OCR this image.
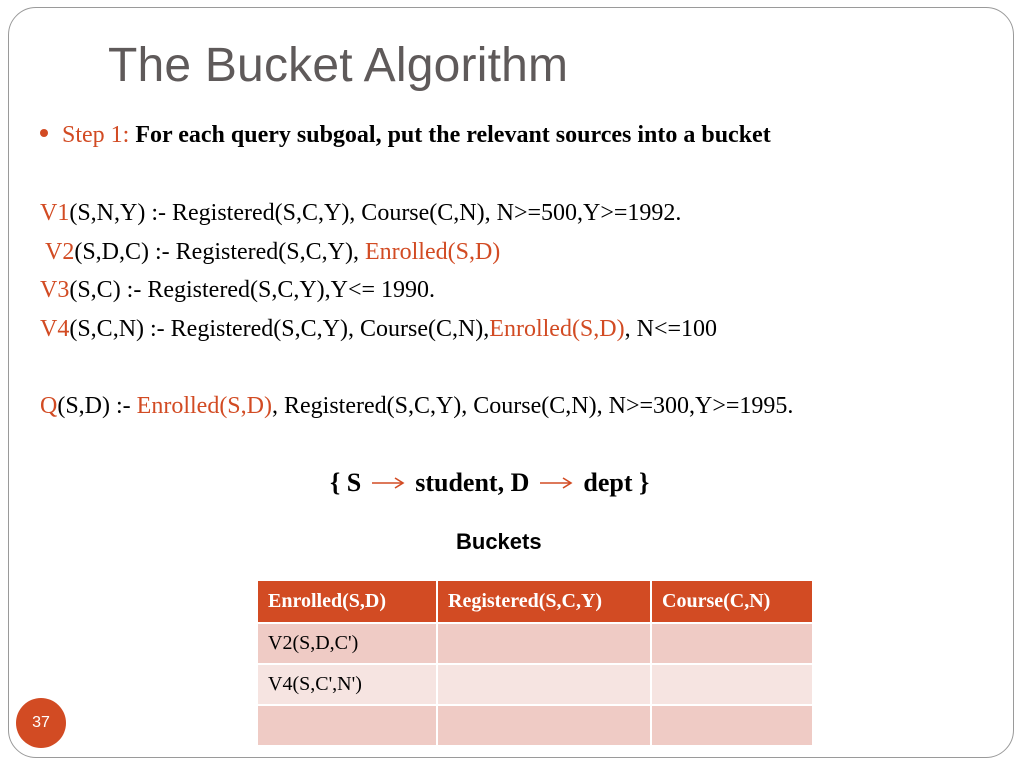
The Bucket Algorithm
Step 1: For each query subgoal, put the relevant sources into a bucket
V1(S,N,Y) :- Registered(S,C,Y), Course(C,N), N>=500,Y>=1992.
V2(S,D,C) :- Registered(S,C,Y), Enrolled(S,D)
V3(S,C) :- Registered(S,C,Y),Y<= 1990.
V4(S,C,N) :- Registered(S,C,Y), Course(C,N),Enrolled(S,D), N<=100
Q(S,D) :- Enrolled(S,D), Registered(S,C,Y), Course(C,N), N>=300,Y>=1995.
{ S student, D dept }
Buckets
Enrolled(S,D)	Registered(S,C,Y)	Course(C,N)
V2(S,D,C')		
V4(S,C',N')		

37
